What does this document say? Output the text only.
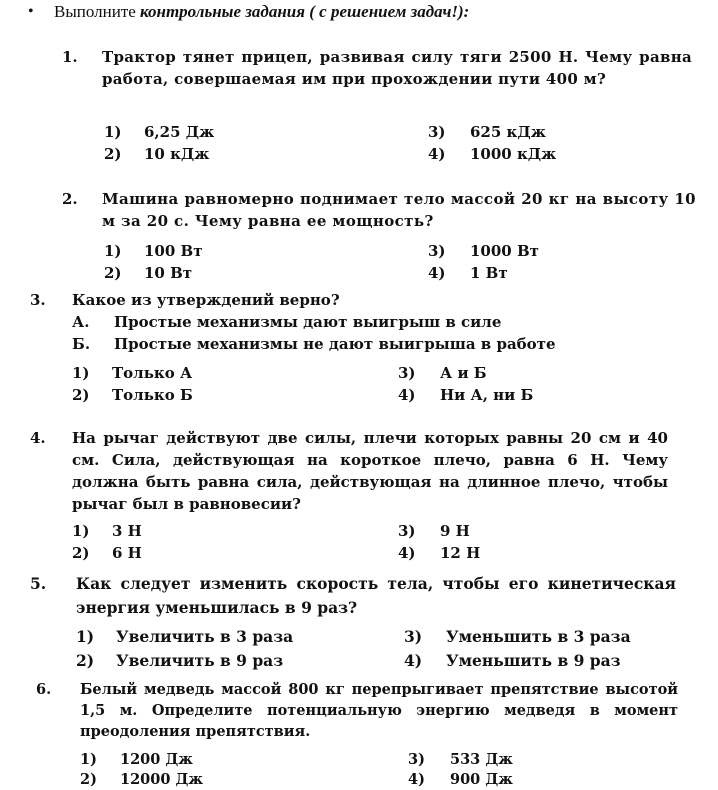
• Выполните контрольные задания ( с решением задач!):
1. Трактор тянет прицеп, развивая силу тяги 2500 Н. Чему равна работа, совершаемая им при прохождении пути 400 м?
1) 6,25 Дж
2) 10 кДж
3) 625 кДж
4) 1000 кДж
2. Машина равномерно поднимает тело массой 20 кг на высоту 10 м за 20 с. Чему равна ее мощность?
1) 100 Вт
2) 10 Вт
3) 1000 Вт
4) 1 Вт
3. Какое из утверждений верно?
А. Простые механизмы дают выигрыш в силе
Б. Простые механизмы не дают выигрыша в работе
1) Только А
2) Только Б
3) А и Б
4) Ни А, ни Б
4. На рычаг действуют две силы, плечи которых равны 20 см и 40 см. Сила, действующая на короткое плечо, равна 6 Н. Чему должна быть равна сила, действующая на длинное плечо, чтобы рычаг был в равновесии?
1) 3 Н
2) 6 Н
3) 9 Н
4) 12 Н
5. Как следует изменить скорость тела, чтобы его кинетическая энергия уменьшилась в 9 раз?
1) Увеличить в 3 раза
2) Увеличить в 9 раз
3) Уменьшить в 3 раза
4) Уменьшить в 9 раз
6. Белый медведь массой 800 кг перепрыгивает препятствие высотой 1,5 м. Определите потенциальную энергию медведя в момент преодоления препятствия.
1) 1200 Дж
2) 12000 Дж
3) 533 Дж
4) 900 Дж
